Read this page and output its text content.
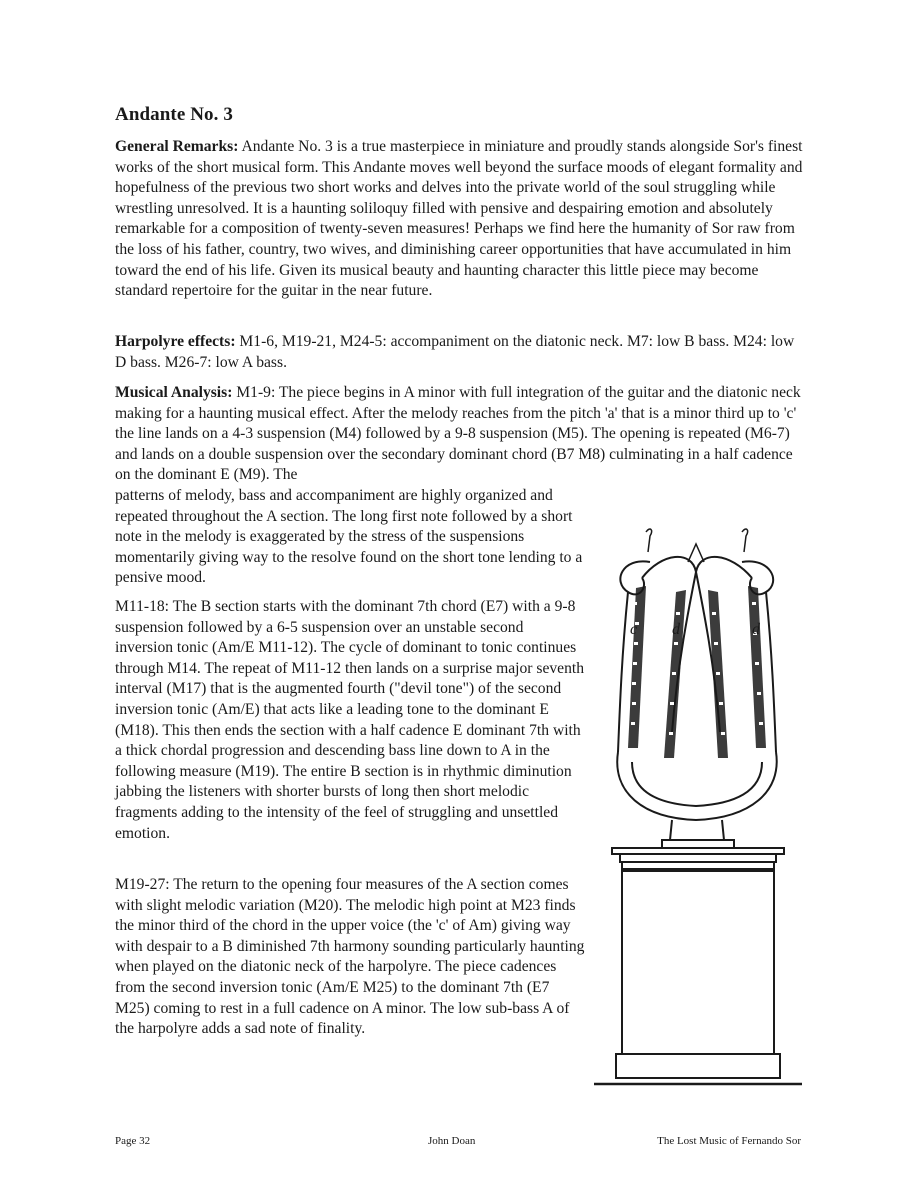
Andante No. 3
General Remarks: Andante No. 3 is a true masterpiece in miniature and proudly stands alongside Sor's finest works of the short musical form. This Andante moves well beyond the surface moods of elegant formality and hopefulness of the previous two short works and delves into the private world of the soul struggling while wrestling unresolved. It is a haunting soliloquy filled with pensive and despairing emotion and absolutely remarkable for a composition of twenty-seven measures! Perhaps we find here the humanity of Sor raw from the loss of his father, country, two wives, and diminishing career opportunities that have accumulated in him toward the end of his life. Given its musical beauty and haunting character this little piece may become standard repertoire for the guitar in the near future.
Harpolyre effects: M1-6, M19-21, M24-5: accompaniment on the diatonic neck. M7: low B bass. M24: low D bass. M26-7: low A bass.
Musical Analysis: M1-9: The piece begins in A minor with full integration of the guitar and the diatonic neck making for a haunting musical effect. After the melody reaches from the pitch 'a' that is a minor third up to 'c' the line lands on a 4-3 suspension (M4) followed by a 9-8 suspension (M5). The opening is repeated (M6-7) and lands on a double suspension over the secondary dominant chord (B7 M8) culminating in a half cadence on the dominant E (M9). The
patterns of melody, bass and accompaniment are highly organized and repeated throughout the A section. The long first note followed by a short note in the melody is exaggerated by the stress of the suspensions momentarily giving way to the resolve found on the short tone lending to a pensive mood.
M11-18: The B section starts with the dominant 7th chord (E7) with a 9-8 suspension followed by a 6-5 suspension over an unstable second inversion tonic (Am/E M11-12). The cycle of dominant to tonic continues through M14. The repeat of M11-12 then lands on a surprise major seventh interval (M17) that is the augmented fourth ("devil tone") of the second inversion tonic (Am/E) that acts like a leading tone to the dominant E (M18). This then ends the section with a half cadence E dominant 7th with a thick chordal progression and descending bass line down to A in the following measure (M19). The entire B section is in rhythmic diminution jabbing the listeners with shorter bursts of long then short melodic fragments adding to the intensity of the feel of struggling and unsettled emotion.
M19-27: The return to the opening four measures of the A section comes with slight melodic variation (M20). The melodic high point at M23 finds the minor third of the chord in the upper voice (the 'c' of Am) giving way with despair to a B diminished 7th harmony sounding particularly haunting when played on the diatonic neck of the harpolyre. The piece cadences from the second inversion tonic (Am/E M25) to the dominant 7th (E7 M25) coming to rest in a full cadence on A minor. The low sub-bass A of the harpolyre adds a sad note of finality.
c d	d
Page 32	John Doan	The Lost Music of Fernando Sor
